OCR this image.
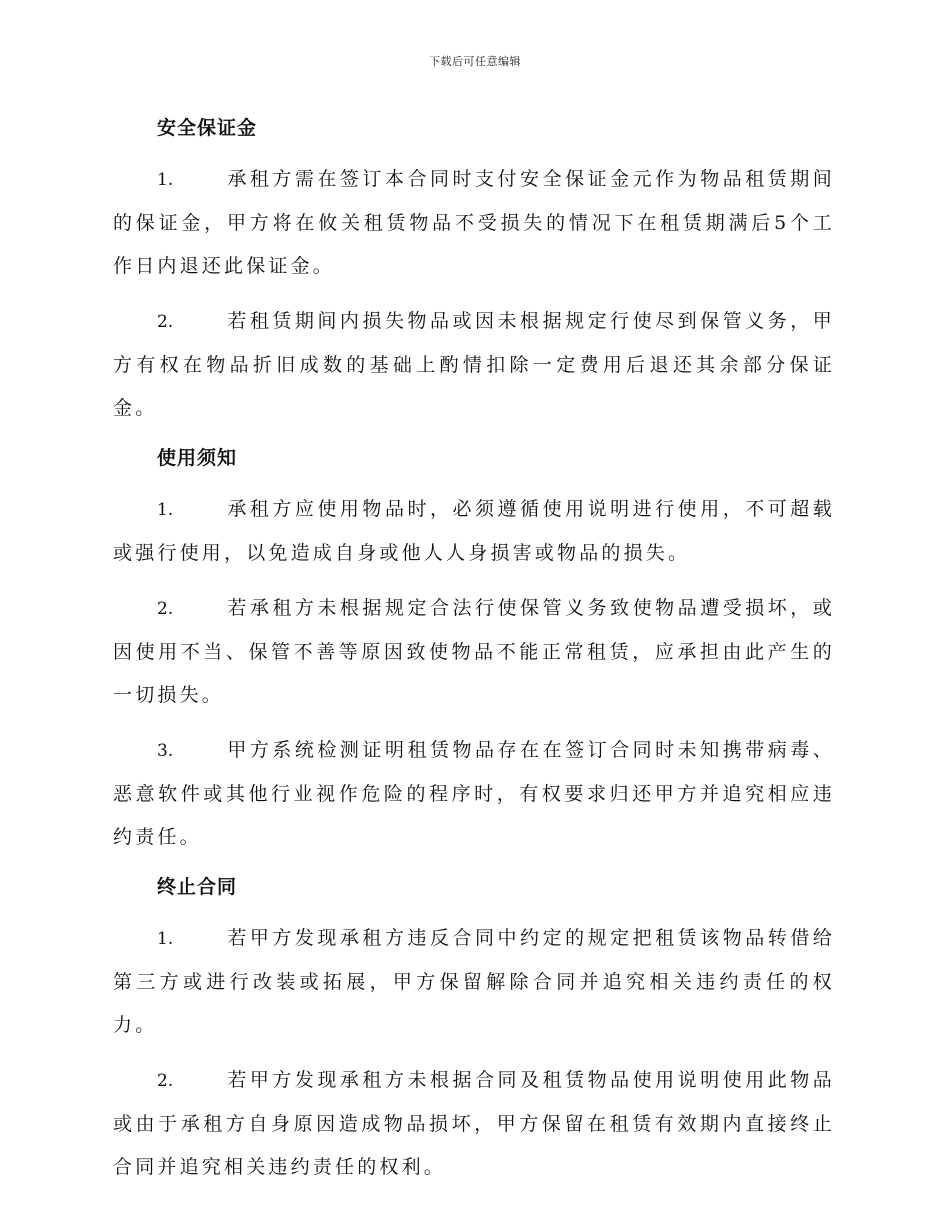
下载后可任意编辑
安全保证金

1.	承租方需在签订本合同时支付安全保证金元作为物品租赁期间的保证金，甲方将在攸关租赁物品不受损失的情况下在租赁期满后5个工作日内退还此保证金。

2.	若租赁期间内损失物品或因未根据规定行使尽到保管义务，甲方有权在物品折旧成数的基础上酌情扣除一定费用后退还其余部分保证金。

使用须知

1.	承租方应使用物品时，必须遵循使用说明进行使用，不可超载或强行使用，以免造成自身或他人人身损害或物品的损失。

2.	若承租方未根据规定合法行使保管义务致使物品遭受损坏，或因使用不当、保管不善等原因致使物品不能正常租赁，应承担由此产生的一切损失。

3.	甲方系统检测证明租赁物品存在在签订合同时未知携带病毒、恶意软件或其他行业视作危险的程序时，有权要求归还甲方并追究相应违约责任。

终止合同

1.	若甲方发现承租方违反合同中约定的规定把租赁该物品转借给第三方或进行改装或拓展，甲方保留解除合同并追究相关违约责任的权力。

2.	若甲方发现承租方未根据合同及租赁物品使用说明使用此物品或由于承租方自身原因造成物品损坏，甲方保留在租赁有效期内直接终止合同并追究相关违约责任的权利。
